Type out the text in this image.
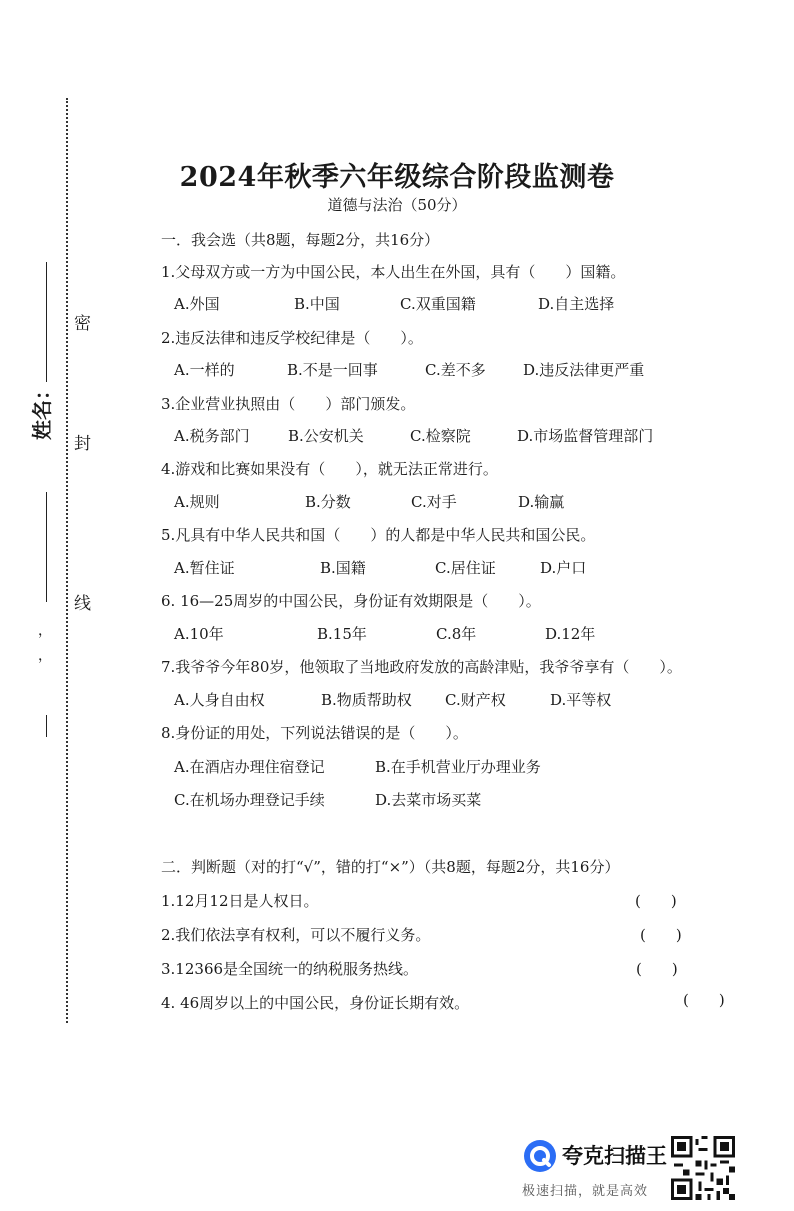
密
封
线
姓名：
，
，
2024年秋季六年级综合阶段监测卷
道德与法治（50分）
一．我会选（共8题，每题2分，共16分）
1.父母双方或一方为中国公民，本人出生在外国，具有（　　）国籍。
A.外国	B.中国	C.双重国籍	D.自主选择
2.违反法律和违反学校纪律是（　　）。
A.一样的	B.不是一回事	C.差不多 D.违反法律更严重
3.企业营业执照由（　　）部门颁发。
A.税务部门	B.公安机关	C.检察院	D.市场监督管理部门
4.游戏和比赛如果没有（　　），就无法正常进行。
A.规则	B.分数	C.对手	D.输赢
5.凡具有中华人民共和国（　　）的人都是中华人民共和国公民。
A.暂住证	B.国籍	C.居住证	D.户口
6. 16—25周岁的中国公民，身份证有效期限是（　　）。
A.10年	B.15年	C.8年	D.12年
7.我爷爷今年80岁，他领取了当地政府发放的高龄津贴，我爷爷享有（　　）。
A.人身自由权	B.物质帮助权 C.财产权	D.平等权
8.身份证的用处，下列说法错误的是（　　）。
A.在酒店办理住宿登记	B.在手机营业厅办理业务
C.在机场办理登记手续	D.去菜市场买菜
二．判断题（对的打“√”，错的打“×”）（共8题，每题2分，共16分）
1.12月12日是人权日。	(　　)
2.我们依法享有权利，可以不履行义务。	(　　)
3.12366是全国统一的纳税服务热线。	(　　)
4. 46周岁以上的中国公民，身份证长期有效。	(　　)
夸克扫描王
极速扫描，就是高效
